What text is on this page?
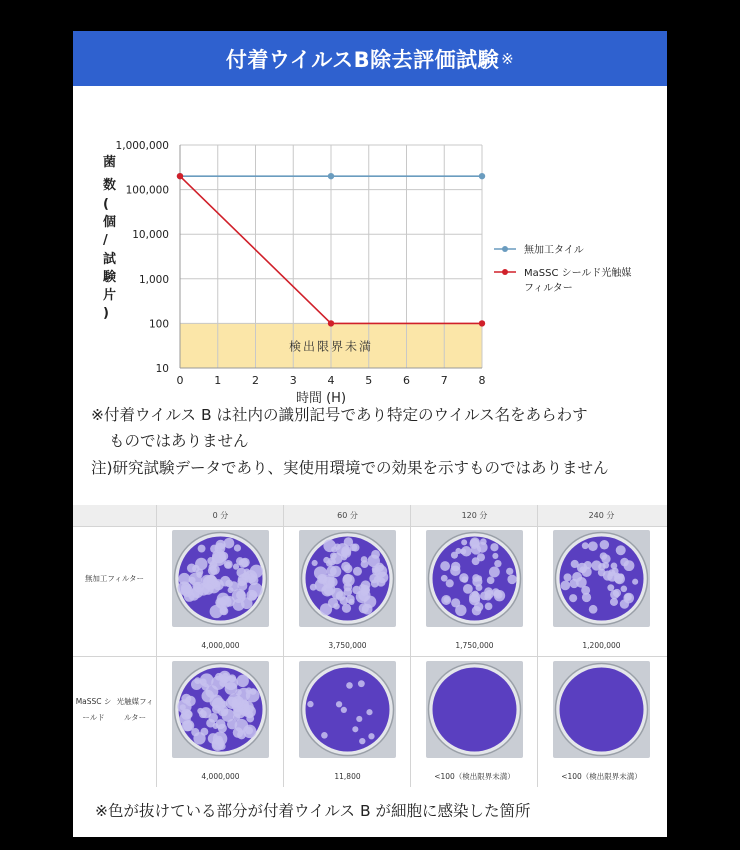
付着ウイルスB除去評価試験 ※
検出限界未満
1,000,000
100,000
10,000
1,000
100
10
0	1	2	3	4	5	6	7	8
時間 (H)
菌数(個/試験片)
無加工タイル
MaSSC シールド光触媒フィルター
※付着ウイルス B は社内の識別記号であり特定のウイルス名をあらわす
ものではありません
注)研究試験データであり、実使用環境での効果を示すものではありません
0 分	60 分	120 分	240 分
無加工フィルター
4,000,000	3,750,000	1,750,000	1,200,000
MaSSC シールド

光触媒フィルター
4,000,000	11,800	<100（検出限界未満）	<100（検出限界未満）
※色が抜けている部分が付着ウイルス B が細胞に感染した箇所
